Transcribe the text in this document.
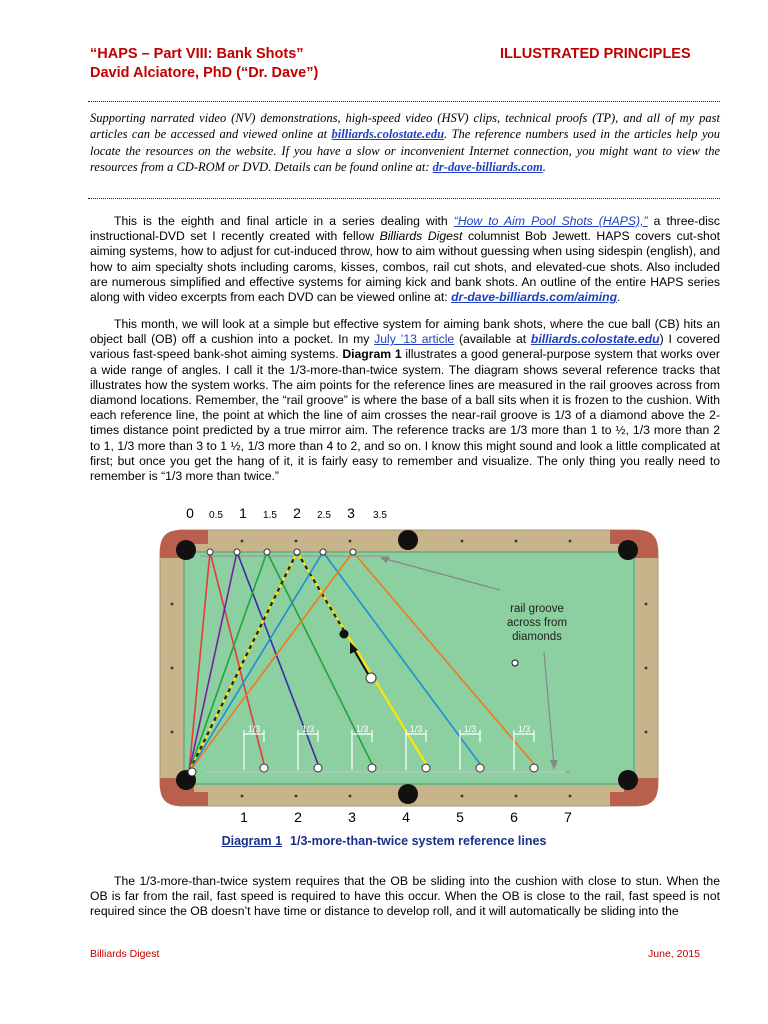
“HAPS – Part VIII: Bank Shots”
David Alciatore, PhD (“Dr. Dave”)
ILLUSTRATED PRINCIPLES
Supporting narrated video (NV) demonstrations, high-speed video (HSV) clips, technical proofs (TP), and all of my past articles can be accessed and viewed online at billiards.colostate.edu. The reference numbers used in the articles help you locate the resources on the website. If you have a slow or inconvenient Internet connection, you might want to view the resources from a CD-ROM or DVD. Details can be found online at: dr-dave-billiards.com.
This is the eighth and final article in a series dealing with “How to Aim Pool Shots (HAPS),” a three-disc instructional-DVD set I recently created with fellow Billiards Digest columnist Bob Jewett. HAPS covers cut-shot aiming systems, how to adjust for cut-induced throw, how to aim without guessing when using sidespin (english), and how to aim specialty shots including caroms, kisses, combos, rail cut shots, and elevated-cue shots. Also included are numerous simplified and effective systems for aiming kick and bank shots. An outline of the entire HAPS series along with video excerpts from each DVD can be viewed online at: dr-dave-billiards.com/aiming.
This month, we will look at a simple but effective system for aiming bank shots, where the cue ball (CB) hits an object ball (OB) off a cushion into a pocket. In my July ’13 article (available at billiards.colostate.edu) I covered various fast-speed bank-shot aiming systems. Diagram 1 illustrates a good general-purpose system that works over a wide range of angles. I call it the 1/3-more-than-twice system. The diagram shows several reference tracks that illustrates how the system works. The aim points for the reference lines are measured in the rail grooves across from diamond locations. Remember, the “rail groove” is where the base of a ball sits when it is frozen to the cushion. With each reference line, the point at which the line of aim crosses the near-rail groove is 1/3 of a diamond above the 2-times distance point predicted by a true mirror aim. The reference tracks are 1/3 more than 1 to ½, 1/3 more than 2 to 1, 1/3 more than 3 to 1 ½, 1/3 more than 4 to 2, and so on. I know this might sound and look a little complicated at first; but once you get the hang of it, it is fairly easy to remember and visualize. The only thing you really need to remember is “1/3 more than twice.”
0 0.5 1 1.5 2 2.5 3 3.5
1	2	3	4	5	6	7
rail groove
across from
diamonds
1/3	1/3	1/3	1/3	1/3	1/3
Diagram 1 1/3-more-than-twice system reference lines
The 1/3-more-than-twice system requires that the OB be sliding into the cushion with close to stun. When the OB is far from the rail, fast speed is required to have this occur. When the OB is close to the rail, fast speed is not required since the OB doesn’t have time or distance to develop roll, and it will automatically be sliding into the
Billiards Digest	June, 2015
